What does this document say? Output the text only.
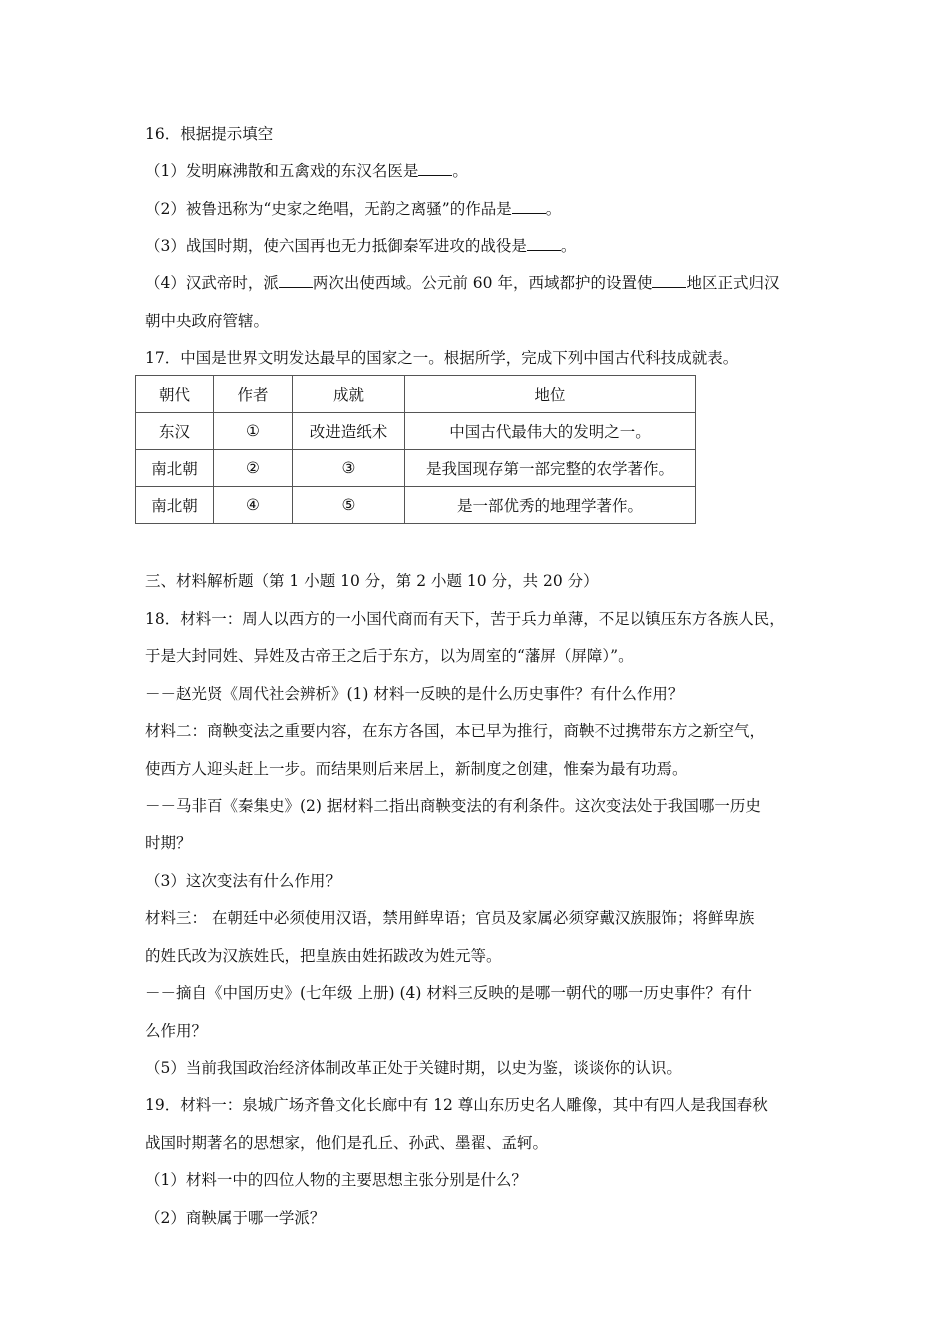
16．根据提示填空
（1）发明麻沸散和五禽戏的东汉名医是 。
（2）被鲁迅称为“史家之绝唱，无韵之离骚”的作品是 。
（3）战国时期，使六国再也无力抵御秦军进攻的战役是 。
（4）汉武帝时，派 两次出使西域。公元前 60 年，西域都护的设置使 地区正式归汉
朝中央政府管辖。
17．中国是世界文明发达最早的国家之一。根据所学，完成下列中国古代科技成就表。
朝代	作者	成就	地位
东汉	①	改进造纸术	中国古代最伟大的发明之一。
南北朝	②	③	是我国现存第一部完整的农学著作。
南北朝	④	⑤	是一部优秀的地理学著作。
三、材料解析题（第 1 小题 10 分，第 2 小题 10 分，共 20 分）
18．材料一：周人以西方的一小国代商而有天下，苦于兵力单薄，不足以镇压东方各族人民，
于是大封同姓、异姓及古帝王之后于东方，以为周室的“藩屏（屏障）”。
－－赵光贤《周代社会辨析》(1) 材料一反映的是什么历史事件？有什么作用？
材料二：商鞅变法之重要内容，在东方各国，本已早为推行，商鞅不过携带东方之新空气，
使西方人迎头赶上一步。而结果则后来居上，新制度之创建，惟秦为最有功焉。
－－马非百《秦集史》(2) 据材料二指出商鞅变法的有利条件。这次变法处于我国哪一历史
时期？
（3）这次变法有什么作用？
材料三： 在朝廷中必须使用汉语，禁用鲜卑语；官员及家属必须穿戴汉族服饰；将鲜卑族
的姓氏改为汉族姓氏，把皇族由姓拓跋改为姓元等。
－－摘自《中国历史》(七年级 上册) (4) 材料三反映的是哪一朝代的哪一历史事件？有什
么作用？
（5）当前我国政治经济体制改革正处于关键时期，以史为鉴，谈谈你的认识。
19．材料一：泉城广场齐鲁文化长廊中有 12 尊山东历史名人雕像，其中有四人是我国春秋
战国时期著名的思想家，他们是孔丘、孙武、墨翟、孟轲。
（1）材料一中的四位人物的主要思想主张分别是什么？
（2）商鞅属于哪一学派？
